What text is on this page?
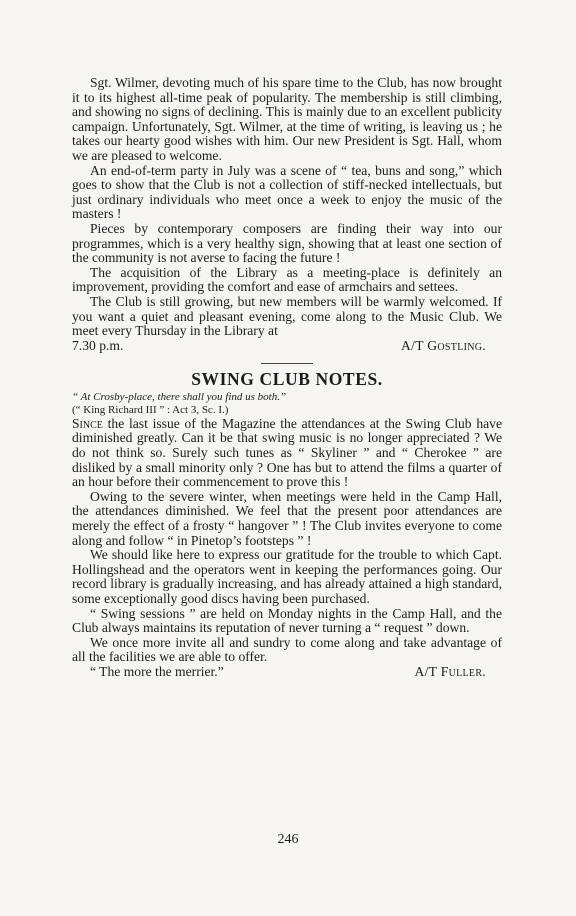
Sgt. Wilmer, devoting much of his spare time to the Club, has now brought it to its highest all-time peak of popularity. The membership is still climbing, and showing no signs of declining. This is mainly due to an excellent publicity campaign. Unfortunately, Sgt. Wilmer, at the time of writing, is leaving us ; he takes our hearty good wishes with him. Our new President is Sgt. Hall, whom we are pleased to welcome.

An end-of-term party in July was a scene of “ tea, buns and song,” which goes to show that the Club is not a collection of stiff-necked intellectuals, but just ordinary individuals who meet once a week to enjoy the music of the masters !

Pieces by contemporary composers are finding their way into our programmes, which is a very healthy sign, showing that at least one section of the community is not averse to facing the future !

The acquisition of the Library as a meeting-place is definitely an improvement, providing the comfort and ease of armchairs and settees.

The Club is still growing, but new members will be warmly welcomed. If you want a quiet and pleasant evening, come along to the Music Club. We meet every Thursday in the Library at

7.30 p.m.	A/T Gostling.
SWING CLUB NOTES.

“ At Crosby-place, there shall you find us both.”

(“ King Richard III ” : Act 3, Sc. I.)

Since the last issue of the Magazine the attendances at the Swing Club have diminished greatly. Can it be that swing music is no longer appreciated ? We do not think so. Surely such tunes as “ Skyliner ” and “ Cherokee ” are disliked by a small minority only ? One has but to attend the films a quarter of an hour before their commencement to prove this !

Owing to the severe winter, when meetings were held in the Camp Hall, the attendances diminished. We feel that the present poor attendances are merely the effect of a frosty “ hangover ” ! The Club invites everyone to come along and follow “ in Pinetop’s footsteps ” !

We should like here to express our gratitude for the trouble to which Capt. Hollingshead and the operators went in keeping the performances going. Our record library is gradually increasing, and has already attained a high standard, some exceptionally good discs having been purchased.

“ Swing sessions ” are held on Monday nights in the Camp Hall, and the Club always maintains its reputation of never turning a “ request ” down.

We once more invite all and sundry to come along and take advantage of all the facilities we are able to offer.

“ The more the merrier.”	A/T Fuller.
246
